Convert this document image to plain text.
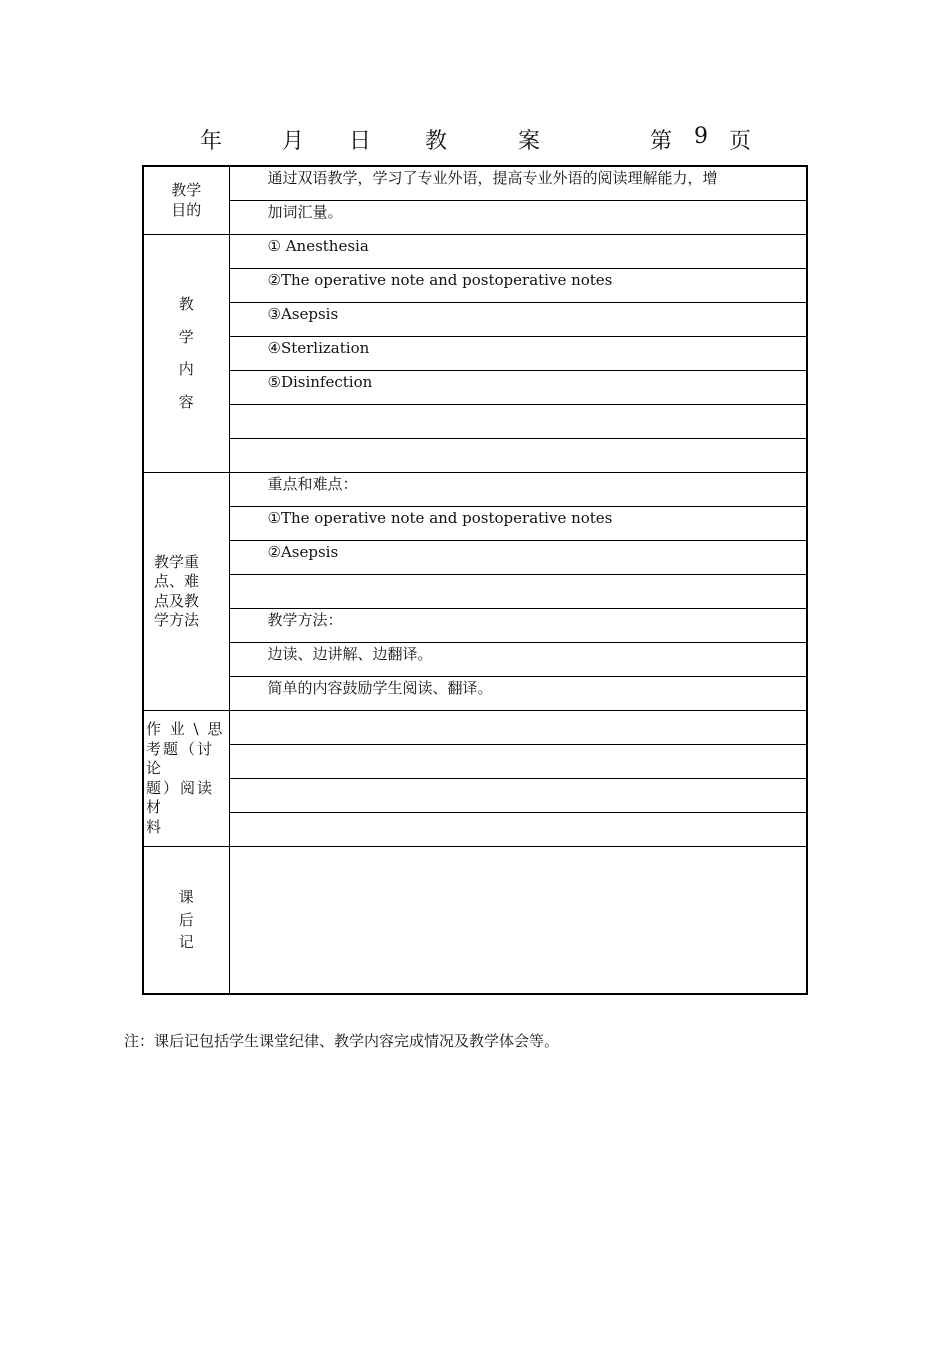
年	月 日 教	案	第 9 页
教学
目的	通过双语教学，学习了专业外语，提高专业外语的阅读理解能力，增

	加词汇量。

教
学
内
容	① Anesthesia

	②The operative note and postoperative notes

	③Asepsis

	④Sterlization

	⑤Disinfection

教学重
点、难
点及教
学方法	重点和难点：

	①The operative note and postoperative notes

	②Asepsis

	教学方法：

	边读、边讲解、边翻译。

	简单的内容鼓励学生阅读、翻译。

作 业 \ 思
考题（讨论
题）阅读材
料	

课
后
记	

注：课后记包括学生课堂纪律、教学内容完成情况及教学体会等。
